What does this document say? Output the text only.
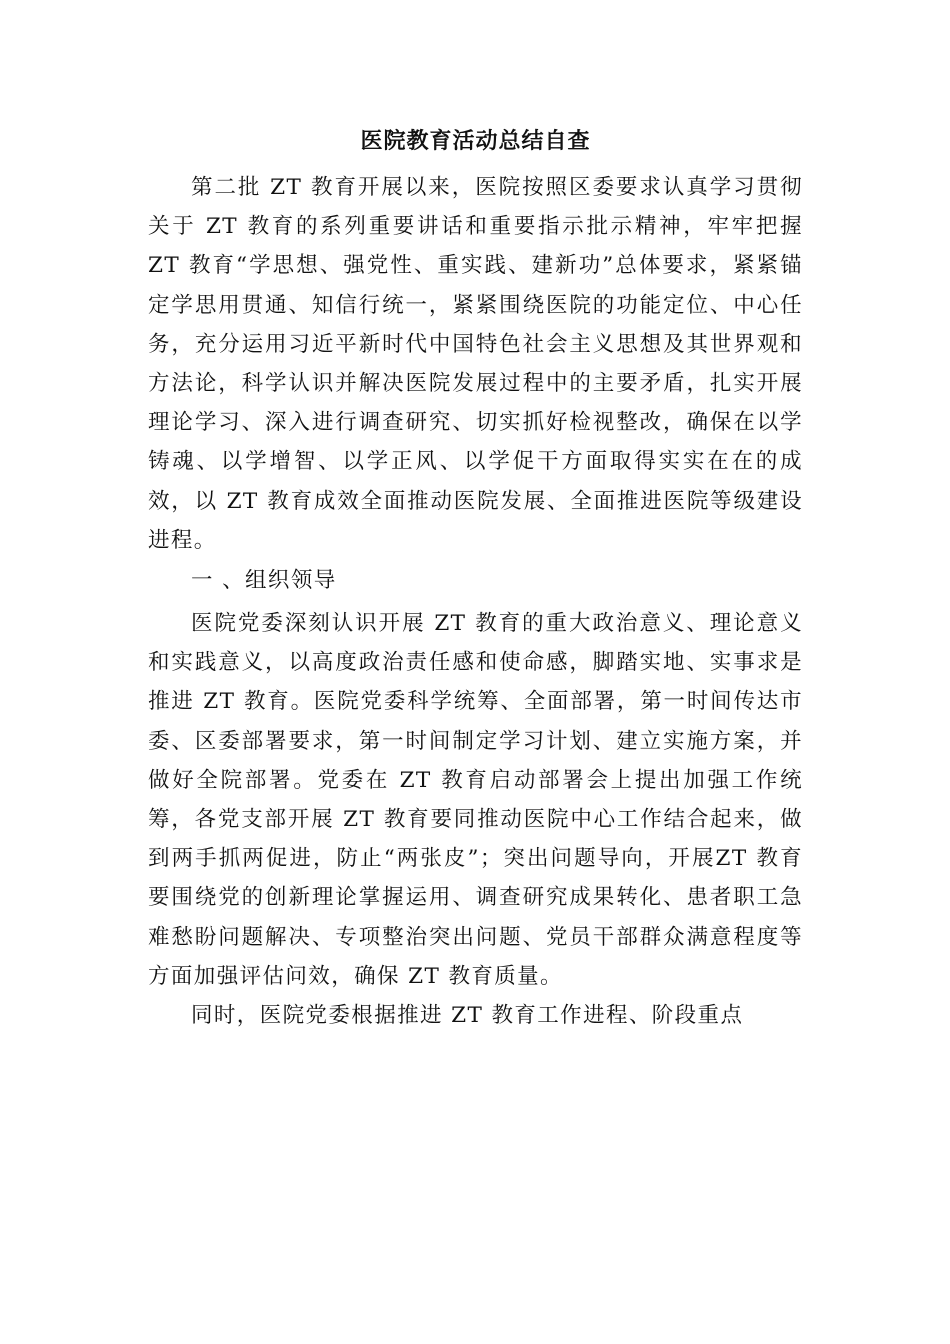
医院教育活动总结自查

第二批 ZT 教育开展以来，医院按照区委要求认真学习贯彻关于 ZT 教育的系列重要讲话和重要指示批示精神，牢牢把握 ZT 教育“学思想、强党性、重实践、建新功”总体要求，紧紧锚定学思用贯通、知信行统一，紧紧围绕医院的功能定位、中心任务，充分运用习近平新时代中国特色社会主义思想及其世界观和方法论，科学认识并解决医院发展过程中的主要矛盾，扎实开展理论学习、深入进行调查研究、切实抓好检视整改，确保在以学铸魂、以学增智、以学正风、以学促干方面取得实实在在的成效，以 ZT 教育成效全面推动医院发展、全面推进医院等级建设进程。

一 、组织领导

医院党委深刻认识开展 ZT 教育的重大政治意义、理论意义和实践意义，以高度政治责任感和使命感，脚踏实地、实事求是推进 ZT 教育。医院党委科学统筹、全面部署，第一时间传达市委、区委部署要求，第一时间制定学习计划、建立实施方案，并做好全院部署。党委在 ZT 教育启动部署会上提出加强工作统筹，各党支部开展 ZT 教育要同推动医院中心工作结合起来，做到两手抓两促进，防止“两张皮”；突出问题导向，开展ZT 教育要围绕党的创新理论掌握运用、调查研究成果转化、患者职工急难愁盼问题解决、专项整治突出问题、党员干部群众满意程度等方面加强评估问效，确保 ZT 教育质量。

同时，医院党委根据推进 ZT 教育工作进程、阶段重点
